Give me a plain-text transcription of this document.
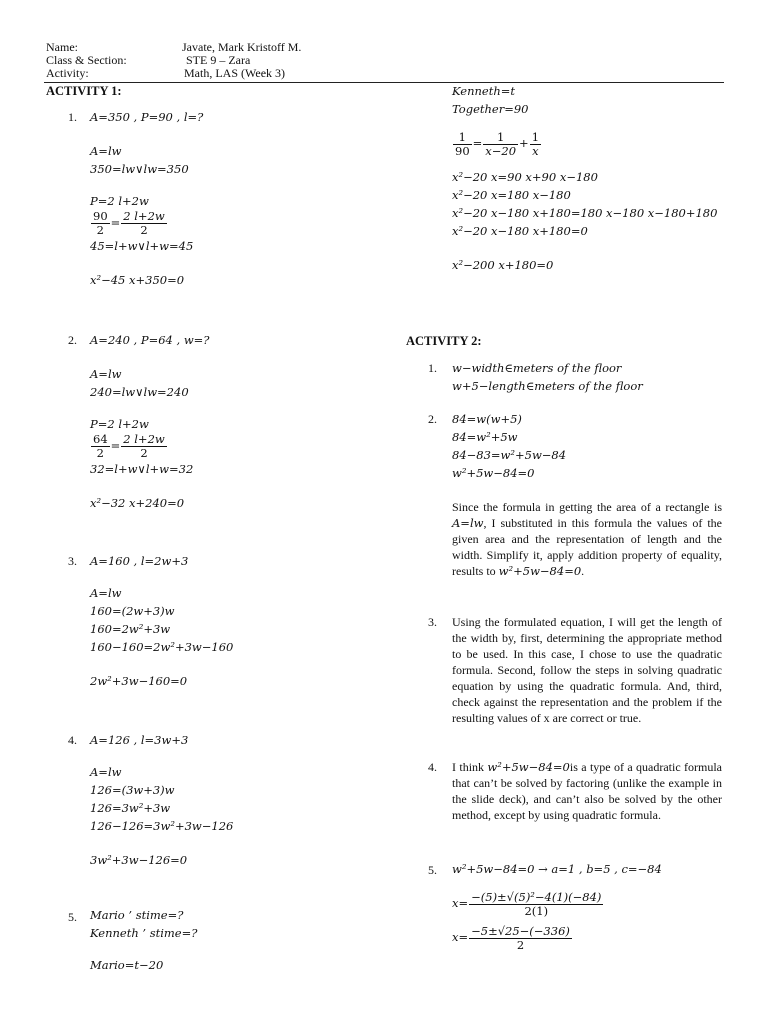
Name:	Javate, Mark Kristoff M.
Class & Section:	STE 9 – Zara
Activity:	Math, LAS (Week 3)
ACTIVITY 1:
1. A=350 , P=90 , l=?
A=lw
350=lw∨lw=350
P=2 l+2w
$\frac{90}{2} = \frac{2 l+2w}{2}$
45=l+w∨l+w=45
x²−45 x+350=0
2. A=240 , P=64 , w=?
A=lw
240=lw∨lw=240
P=2 l+2w
$\frac{64}{2} = \frac{2 l+2w}{2}$
32=l+w∨l+w=32
x²−32 x+240=0
3. A=160 , l=2w+3
A=lw
160=(2w+3)w
160=2w²+3w
160−160=2w²+3w−160
2w²+3w−160=0
4. A=126 , l=3w+3
A=lw
126=(3w+3)w
126=3w²+3w
126−126=3w²+3w−126
3w²+3w−126=0
5. Mario ’ stime=?
Kenneth ’ stime=?
Mario=t−20
Kenneth=t
Together=90
$\frac{1}{90} = \frac{1}{x-20} + \frac{1}{x}$
x²−20 x=90 x+90 x−180
x²−20 x=180 x−180
x²−20 x−180 x+180=180 x−180 x−180+180
x²−20 x−180 x+180=0
x²−200 x+180=0
ACTIVITY 2:
1. w−width∈meters of the floor
w+5−length∈meters of the floor
2. 84=w(w+5)
84=w²+5w
84−83=w²+5w−84
w²+5w−84=0
Since the formula in getting the area of a rectangle is A=lw, I substituted in this formula the values of the given area and the representation of length and the width. Simplify it, apply addition property of equality, results to w²+5w−84=0.
3. Using the formulated equation, I will get the length of the width by, first, determining the appropriate method to be used. In this case, I chose to use the quadratic formula. Second, follow the steps in solving quadratic equation by using the quadratic formula. And, third, check against the representation and the problem if the resulting values of x are correct or true.
4. I think w²+5w−84=0is a type of a quadratic formula that can’t be solved by factoring (unlike the example in the slide deck), and can’t also be solved by the other method, except by using quadratic formula.
5. w²+5w−84=0 → a=1 , b=5 , c=−84
$x= \frac{\text{−(5)±√(5)²−4(1)(−84)}}{2(1)}$
$x= \frac{-5\pm√25-(-336)}{2}$
